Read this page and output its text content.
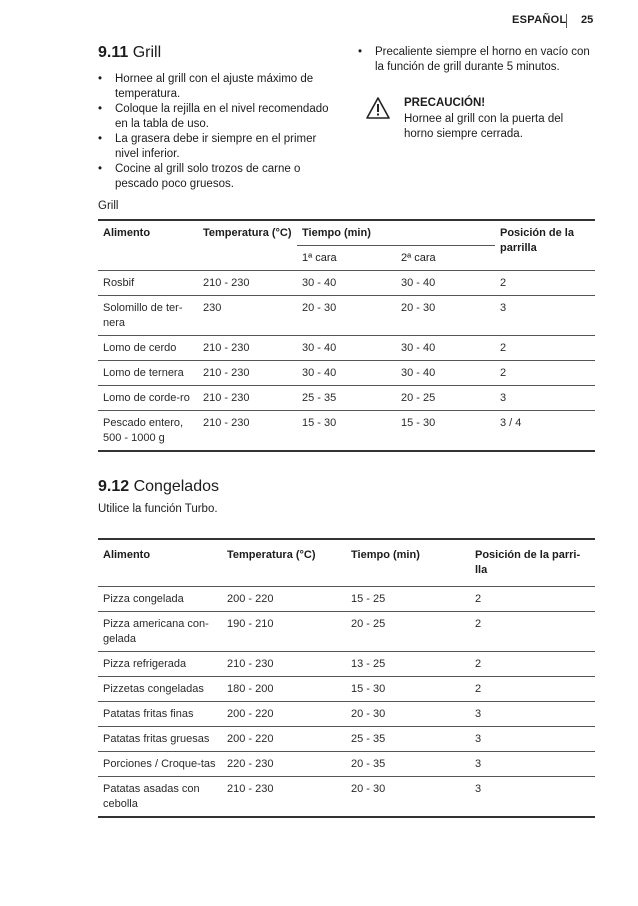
ESPAÑOL 25
9.11 Grill
• Hornee al grill con el ajuste máximo de temperatura.
• Coloque la rejilla en el nivel recomendado en la tabla de uso.
• La grasera debe ir siempre en el primer nivel inferior.
• Cocine al grill solo trozos de carne o pescado poco gruesos.
• Precaliente siempre el horno en vacío con la función de grill durante 5 minutos.
PRECAUCIÓN!
Hornee al grill con la puerta del horno siempre cerrada.
Grill
Alimento	Temperatura (°C)	Tiempo (min)		Posición de la parrilla
		1ª cara	2ª cara	
Rosbif	210 - 230	30 - 40	30 - 40	2
Solomillo de ter-nera	230	20 - 30	20 - 30	3
Lomo de cerdo	210 - 230	30 - 40	30 - 40	2
Lomo de ternera	210 - 230	30 - 40	30 - 40	2
Lomo de corde-ro	210 - 230	25 - 35	20 - 25	3
Pescado entero, 500 - 1000 g	210 - 230	15 - 30	15 - 30	3 / 4
9.12 Congelados
Utilice la función Turbo.
Alimento	Temperatura (°C)	Tiempo (min)	Posición de la parri-lla
Pizza congelada	200 - 220	15 - 25	2
Pizza americana con-gelada	190 - 210	20 - 25	2
Pizza refrigerada	210 - 230	13 - 25	2
Pizzetas congeladas	180 - 200	15 - 30	2
Patatas fritas finas	200 - 220	20 - 30	3
Patatas fritas gruesas	200 - 220	25 - 35	3
Porciones / Croque-tas	220 - 230	20 - 35	3
Patatas asadas con cebolla	210 - 230	20 - 30	3
